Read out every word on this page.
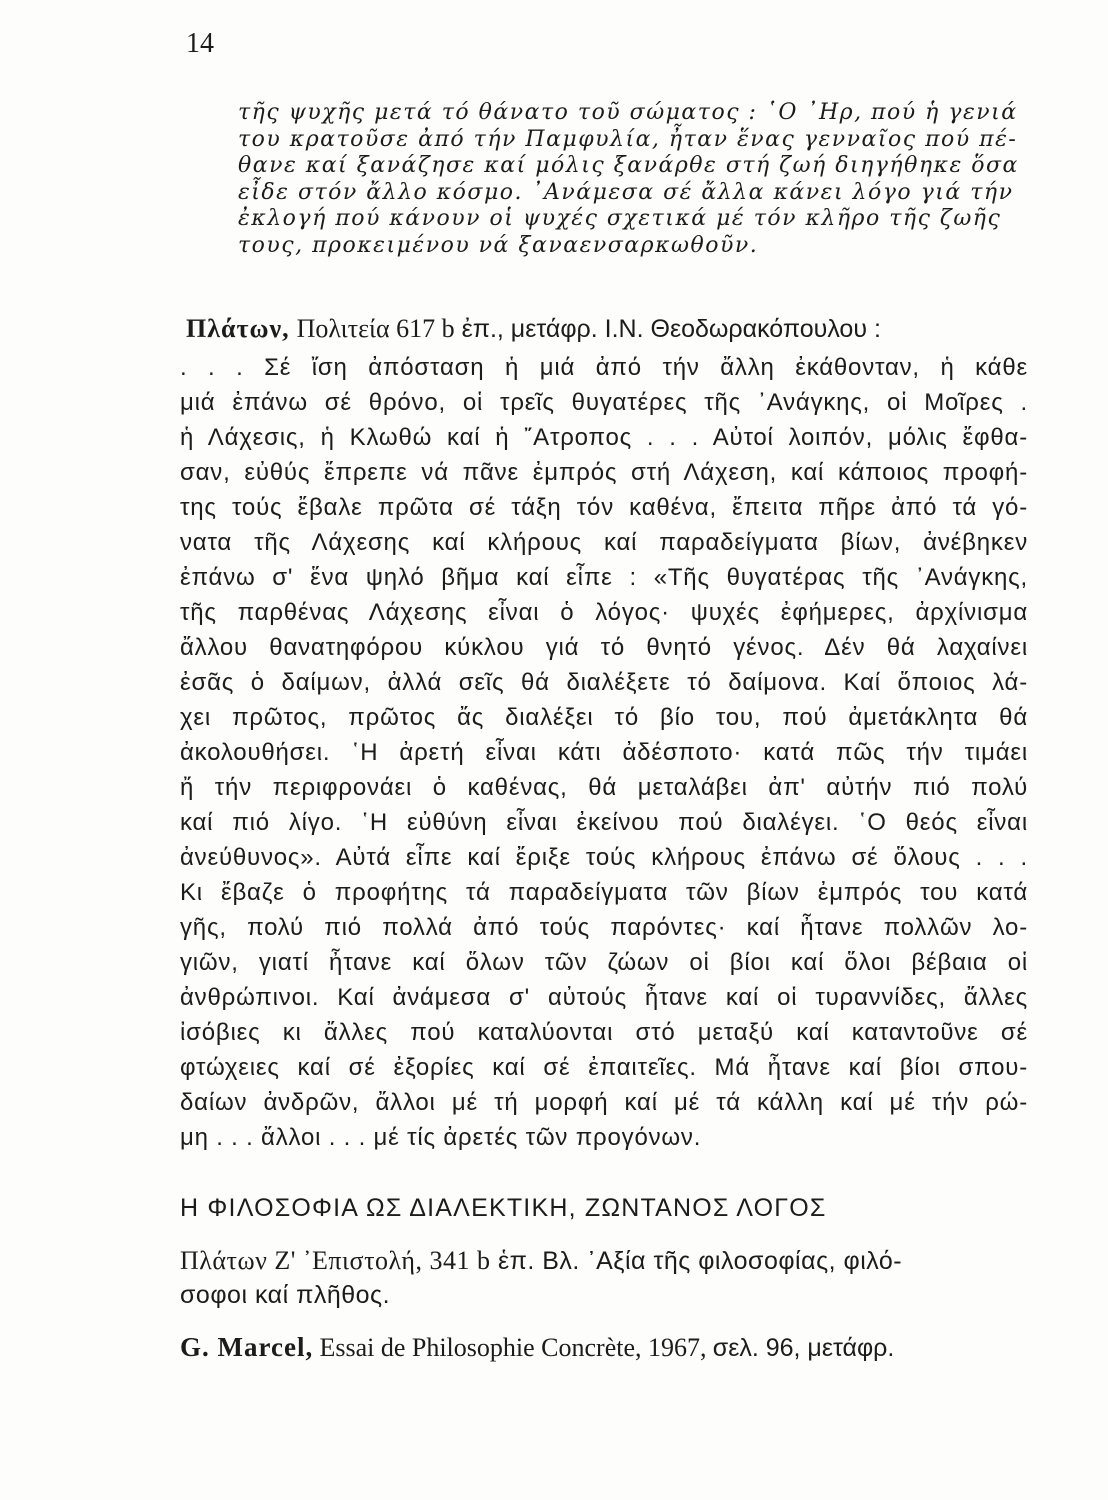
14
τῆς ψυχῆς μετά τό θάνατο τοῦ σώματος : ῾Ο ᾿Ηρ, πού ἡ γενιά
του κρατοῦσε ἀπό τήν Παμφυλία, ἦταν ἕνας γενναῖος πού πέ-
θανε καί ξανάζησε καί μόλις ξανάρθε στή ζωή διηγήθηκε ὅσα
εἶδε στόν ἄλλο κόσμο. ᾿Ανάμεσα σέ ἄλλα κάνει λόγο γιά τήν
ἐκλογή πού κάνουν οἱ ψυχές σχετικά μέ τόν κλῆρο τῆς ζωῆς
τους, προκειμένου νά ξαναενσαρκωθοῦν.
Πλάτων, Πολιτεία 617 b ἐπ., μετάφρ. Ι.Ν. Θεοδωρακόπουλου :
. . . Σέ ἴση ἀπόσταση ἡ μιά ἀπό τήν ἄλλη ἐκάθονταν, ἡ κάθε
μιά ἐπάνω σέ θρόνο, οἱ τρεῖς θυγατέρες τῆς ᾿Ανάγκης, οἱ Μοῖρες .
ἡ Λάχεσις, ἡ Κλωθώ καί ἡ ῎Ατροπος . . . Αὐτοί λοιπόν, μόλις ἔφθα-
σαν, εὐθύς ἔπρεπε νά πᾶνε ἐμπρός στή Λάχεση, καί κάποιος προφή-
της τούς ἔβαλε πρῶτα σέ τάξη τόν καθένα, ἔπειτα πῆρε ἀπό τά γό-
νατα τῆς Λάχεσης καί κλήρους καί παραδείγματα βίων, ἀνέβηκεν
ἐπάνω σ' ἕνα ψηλό βῆμα καί εἶπε : «Τῆς θυγατέρας τῆς ᾿Ανάγκης,
τῆς παρθένας Λάχεσης εἶναι ὁ λόγος· ψυχές ἐφήμερες, ἀρχίνισμα
ἄλλου θανατηφόρου κύκλου γιά τό θνητό γένος. Δέν θά λαχαίνει
ἐσᾶς ὁ δαίμων, ἀλλά σεῖς θά διαλέξετε τό δαίμονα. Καί ὅποιος λά-
χει πρῶτος, πρῶτος ἄς διαλέξει τό βίο του, πού ἀμετάκλητα θά
ἀκολουθήσει. ῾Η ἀρετή εἶναι κάτι ἀδέσποτο· κατά πῶς τήν τιμάει
ἤ τήν περιφρονάει ὁ καθένας, θά μεταλάβει ἀπ' αὐτήν πιό πολύ
καί πιό λίγο. ῾Η εὐθύνη εἶναι ἐκείνου πού διαλέγει. ῾Ο θεός εἶναι
ἀνεύθυνος». Αὐτά εἶπε καί ἔριξε τούς κλήρους ἐπάνω σέ ὅλους . . .
Κι ἔβαζε ὁ προφήτης τά παραδείγματα τῶν βίων ἐμπρός του κατά
γῆς, πολύ πιό πολλά ἀπό τούς παρόντες· καί ἦτανε πολλῶν λο-
γιῶν, γιατί ἦτανε καί ὅλων τῶν ζώων οἱ βίοι καί ὅλοι βέβαια οἱ
ἀνθρώπινοι. Καί ἀνάμεσα σ' αὐτούς ἦτανε καί οἱ τυραννίδες, ἄλλες
ἰσόβιες κι ἄλλες πού καταλύονται στό μεταξύ καί καταντοῦνε σέ
φτώχειες καί σέ ἐξορίες καί σέ ἐπαιτεῖες. Μά ἦτανε καί βίοι σπου-
δαίων ἀνδρῶν, ἄλλοι μέ τή μορφή καί μέ τά κάλλη καί μέ τήν ρώ-
μη . . . ἄλλοι . . . μέ τίς ἀρετές τῶν προγόνων.
Η ΦΙΛΟΣΟΦΙΑ ΩΣ ΔΙΑΛΕΚΤΙΚΗ, ΖΩΝΤΑΝΟΣ ΛΟΓΟΣ
Πλάτων Ζ' ᾿Επιστολή, 341 b ἑπ. Βλ. ᾿Αξία τῆς φιλοσοφίας, φιλό-
σοφοι καί πλῆθος.
G. Marcel, Essai de Philosophie Concrète, 1967, σελ. 96, μετάφρ.
